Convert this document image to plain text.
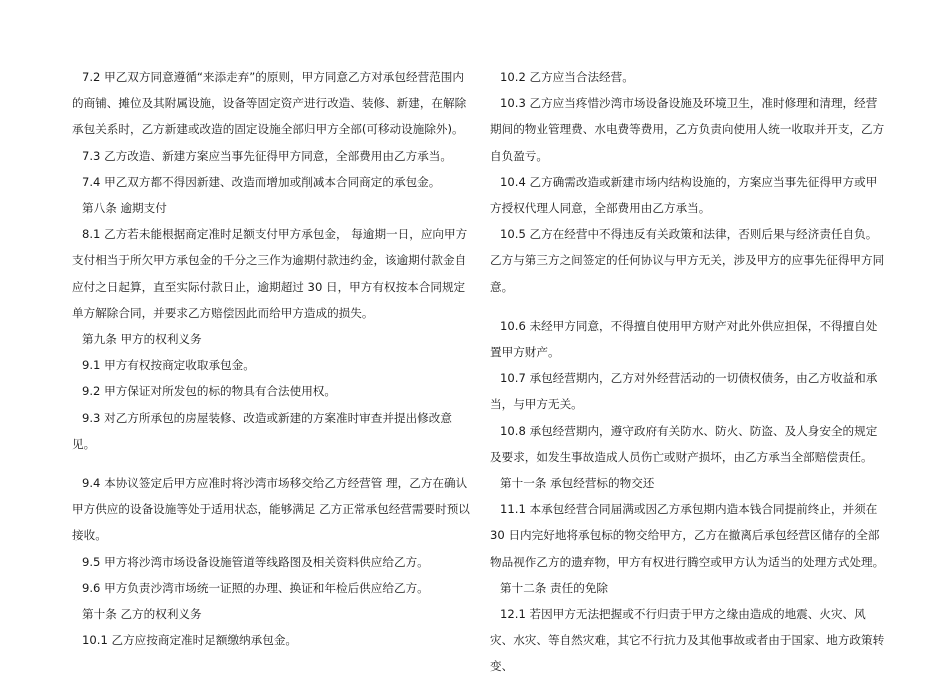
7.2 甲乙双方同意遵循“来添走弃”的原则，甲方同意乙方对承包经营范围内的商铺、摊位及其附属设施，设备等固定资产进行改造、装修、新建，在解除承包关系时，乙方新建或改造的固定设施全部归甲方全部(可移动设施除外)。

7.3 乙方改造、新建方案应当事先征得甲方同意，全部费用由乙方承当。

7.4 甲乙双方都不得因新建、改造而增加或削减本合同商定的承包金。

第八条 逾期支付

8.1 乙方若未能根据商定准时足额支付甲方承包金， 每逾期一日，应向甲方支付相当于所欠甲方承包金的千分之三作为逾期付款违约金，该逾期付款金自应付之日起算，直至实际付款日止，逾期超过 30 日，甲方有权按本合同规定单方解除合同，并要求乙方赔偿因此而给甲方造成的损失。

第九条 甲方的权利义务

9.1 甲方有权按商定收取承包金。

9.2 甲方保证对所发包的标的物具有合法使用权。

9.3 对乙方所承包的房屋装修、改造或新建的方案准时审查并提出修改意见。

9.4 本协议签定后甲方应准时将沙湾市场移交给乙方经营管 理，乙方在确认甲方供应的设备设施等处于适用状态，能够满足 乙方正常承包经营需要时预以接收。

9.5 甲方将沙湾市场设备设施管道等线路图及相关资料供应给乙方。

9.6 甲方负责沙湾市场统一证照的办理、换证和年检后供应给乙方。

第十条 乙方的权利义务

10.1 乙方应按商定准时足额缴纳承包金。

10.2 乙方应当合法经营。

10.3 乙方应当疼惜沙湾市场设备设施及环境卫生，准时修理和清理，经营期间的物业管理费、水电费等费用，乙方负责向使用人统一收取并开支，乙方自负盈亏。

10.4 乙方确需改造或新建市场内结构设施的，方案应当事先征得甲方或甲方授权代理人同意，全部费用由乙方承当。

10.5 乙方在经营中不得违反有关政策和法律，否则后果与经济责任自负。乙方与第三方之间签定的任何协议与甲方无关，涉及甲方的应事先征得甲方同意。

10.6 未经甲方同意，不得擅自使用甲方财产对此外供应担保，不得擅自处置甲方财产。

10.7 承包经营期内，乙方对外经营活动的一切债权债务，由乙方收益和承当，与甲方无关。

10.8 承包经营期内，遵守政府有关防水、防火、防盗、及人身安全的规定及要求，如发生事故造成人员伤亡或财产损坏，由乙方承当全部赔偿责任。

第十一条 承包经营标的物交还

11.1 本承包经营合同届满或因乙方承包期内造本钱合同提前终止，并须在 30 日内完好地将承包标的物交给甲方，乙方在撤离后承包经营区储存的全部物品视作乙方的遗弃物，甲方有权进行腾空或甲方认为适当的处理方式处理。

第十二条 责任的免除

12.1 若因甲方无法把握或不行归责于甲方之缘由造成的地震、火灾、风灾、水灾、等自然灾难，其它不行抗力及其他事故或者由于国家、地方政策转变、
